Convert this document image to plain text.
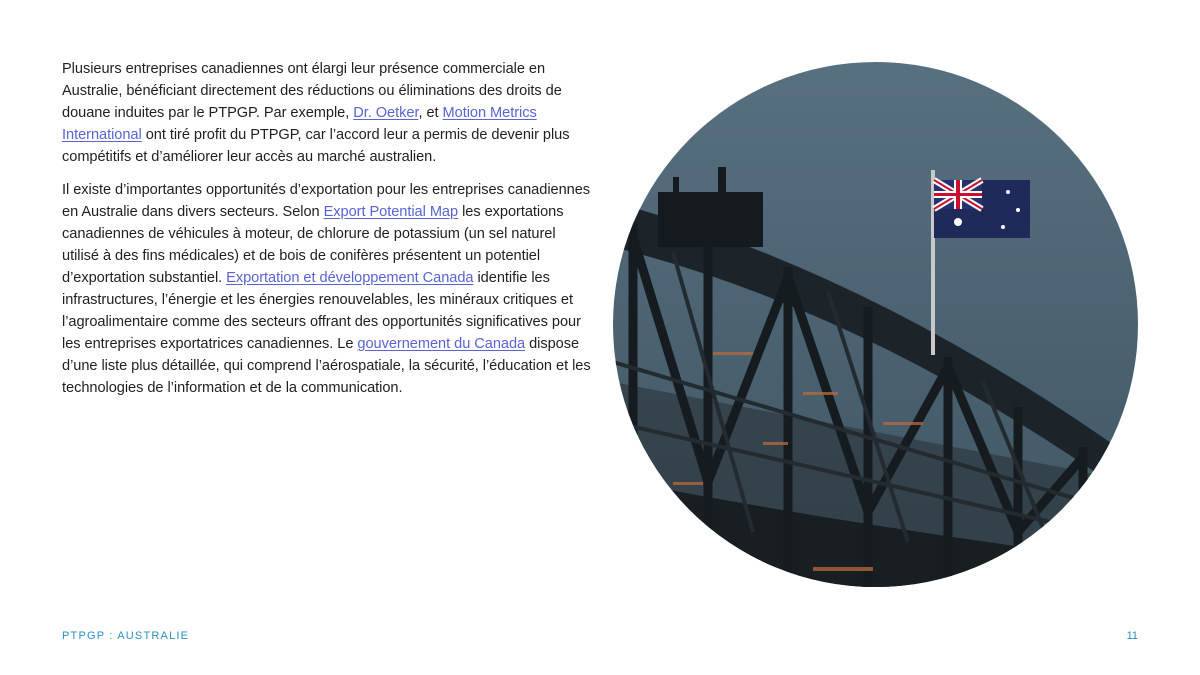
Plusieurs entreprises canadiennes ont élargi leur présence commerciale en Australie, bénéficiant directement des réductions ou éliminations des droits de douane induites par le PTPGP. Par exemple, Dr. Oetker, et Motion Metrics International ont tiré profit du PTPGP, car l’accord leur a permis de devenir plus compétitifs et d’améliorer leur accès au marché australien.

Il existe d’importantes opportunités d’exportation pour les entreprises canadiennes en Australie dans divers secteurs. Selon Export Potential Map les exportations canadiennes de véhicules à moteur, de chlorure de potassium (un sel naturel utilisé à des fins médicales) et de bois de conifères présentent un potentiel d’exportation substantiel. Exportation et développement Canada identifie les infrastructures, l’énergie et les énergies renouvelables, les minéraux critiques et l’agroalimentaire comme des secteurs offrant des opportunités significatives pour les entreprises exportatrices canadiennes. Le gouvernement du Canada dispose d’une liste plus détaillée, qui comprend l’aérospatiale, la sécurité, l’éducation et les technologies de l’information et de la communication.

PTPGP : AUSTRALIE	11
